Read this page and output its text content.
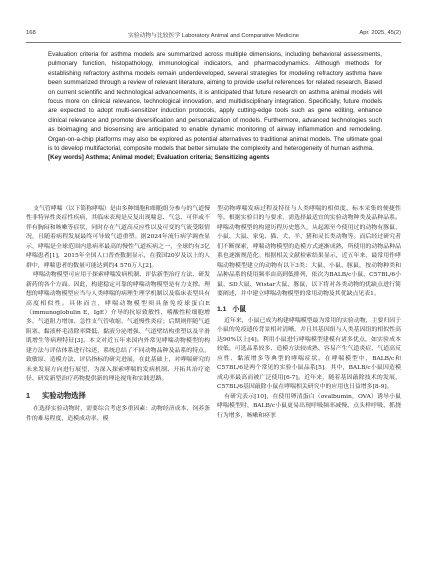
168	实验动物与比较医学 Laboratory Animal and Comparative Medicine	Apr. 2025, 45(2)
Evaluation criteria for asthma models are summarized across multiple dimensions, including behavioral assessments, pulmonary function, histopathology, immunological indicators, and pharmacodynamics. Although methods for establishing refractory asthma models remain underdeveloped, several strategies for modeling refractory asthma have been summarized through a review of relevant literature, aiming to provide useful references for related research. Based on current scientific and technological advancements, it is anticipated that future research on asthma animal models will focus more on clinical relevance, technological innovation, and multidisciplinary integration. Specifically, future models are expected to adopt multi-sensitizer induction protocols, apply cutting-edge tools such as gene editing, enhance clinical relevance and promote diversification and personalization of models. Furthermore, advanced technologies such as bioimaging and biosensing are anticipated to enable dynamic monitoring of airway inflammation and remodeling. Organ-on-a-chip platforms may also be explored as potential alternatives to traditional animal models. The ultimate goal is to develop multifactorial, composite models that better simulate the complexity and heterogeneity of human asthma.
[Key words] Asthma; Animal model; Evaluation criteria; Sensitizing agents

支气管哮喘（以下简称哮喘）是由多种细胞和细胞组分参与的气道慢性非特异性炎症性疾病，其临床表现是反复出现喘息、气急、可伴或不伴有胸闷和咳嗽等症状，同时存在气道高反应性以及可变的气流受限情况，且随着病程发展最终可导致气道重塑。据2024年流行病学调查显示，哮喘是全球范围内患病率最高的慢性气道疾病之一，全球约有3亿哮喘患者[1]，2015年全国人口普查数据显示，在我国20岁及以上的人群中，哮喘患者的数量可能达到约4 570万人[2]。

哮喘动物模型可应用于探索哮喘发病机制、评估新型治疗方法、研发新药的各个方面。因此，构建稳定可靠的哮喘动物模型是有力支撑。理想的哮喘动物模型应当与人类哮喘的病理生理学机制以及临床表型具有高度相似性。具体而言，哮喘动物模型须具备免疫球蛋白E（immunoglobulin E，IgE）介导的抗原致敏性、嗜酸性粒细胞增多、气道阻力增加、急性支气管收缩、气道慢性炎症；后期则伴随气道阻塞、黏液杯毛清除率降低、黏液分泌增强、气道壁结构重塑以及平滑肌增生等病理特征[3]。本文对近五年来国内外常见哮喘动物模型的构建方法与评估体系进行综述，系统总结了不同动物品种及品系的特点，致敏原、造模方法、评估指标的研究进展，在此基础上，对哮喘研究的未来发展方向进行展望，为深入探索哮喘的发病机制、开拓其治疗途径、研发新型治疗药物提供新的理论视角和实践思路。

1	实验动物选择

在选择实验动物时，需要综合考虑多重因素：动物经济成本、饲养条件的难易程度、造模成功率、模

型动物哮喘发病过程及特征与人类哮喘的相似度、标本采集的便捷性等。根据实验目的与要求，需选择最适宜的实验动物种类及品种品系。哮喘动物模型的构建历程历史悠久，从起源至今使用过的动物有豚鼠、小鼠、大鼠、家兔、猫、犬、羊、猪和灵长类动物等。而后经过研究者们不断探索，哮喘动物模型的造模方式逐渐成熟，所使用的动物品种品系也逐渐规范化。根据相关文献检索结果显示，近五年来，最常用作哮喘动物模型建立的动物有以下3类：大鼠、小鼠、豚鼠，按动物种类和品种品系的使用频率由高到低排列，依次为BALB/c小鼠、C57BL/6小鼠、SD大鼠、Wistar大鼠、豚鼠，以下将对各类动物的优缺点进行简要阐述，并中建立哮喘动物模型的常用动物及其优缺点见表1。

1.1 小鼠

近年来，小鼠已成为构建哮喘模型最为常用的实验动物，主要归因于小鼠的免疫遗传背景相对清晰，并且其基因组与人类基因组的相似性高达90%以上[4]。利用小鼠进行哮喘模型建模有诸多优点，如实验成本较低、可选品系较多、造模方法较成熟、容易产生气道炎症、气道高反应性、黏液增多等典型的哮喘症状。在哮喘模型中，BALB/c和C57BL/6是两个常见的实验小鼠品系[5]。其中，BALB/c小鼠因造模成功率最高而被广泛使用[6-7]。近年来，随着基因敲除技术的发展，C57BL/6基因敲除小鼠在哮喘相关研究中的应用也日益增多[8-9]。

有研究表示[10]，在使用卵清蛋白（ovalbumin，OVA）诱导小鼠哮喘模型时，BALB/c小鼠更易出现呼吸频率减慢、点头样呼吸、抓挠行为增多，咳嗽和痉挛
